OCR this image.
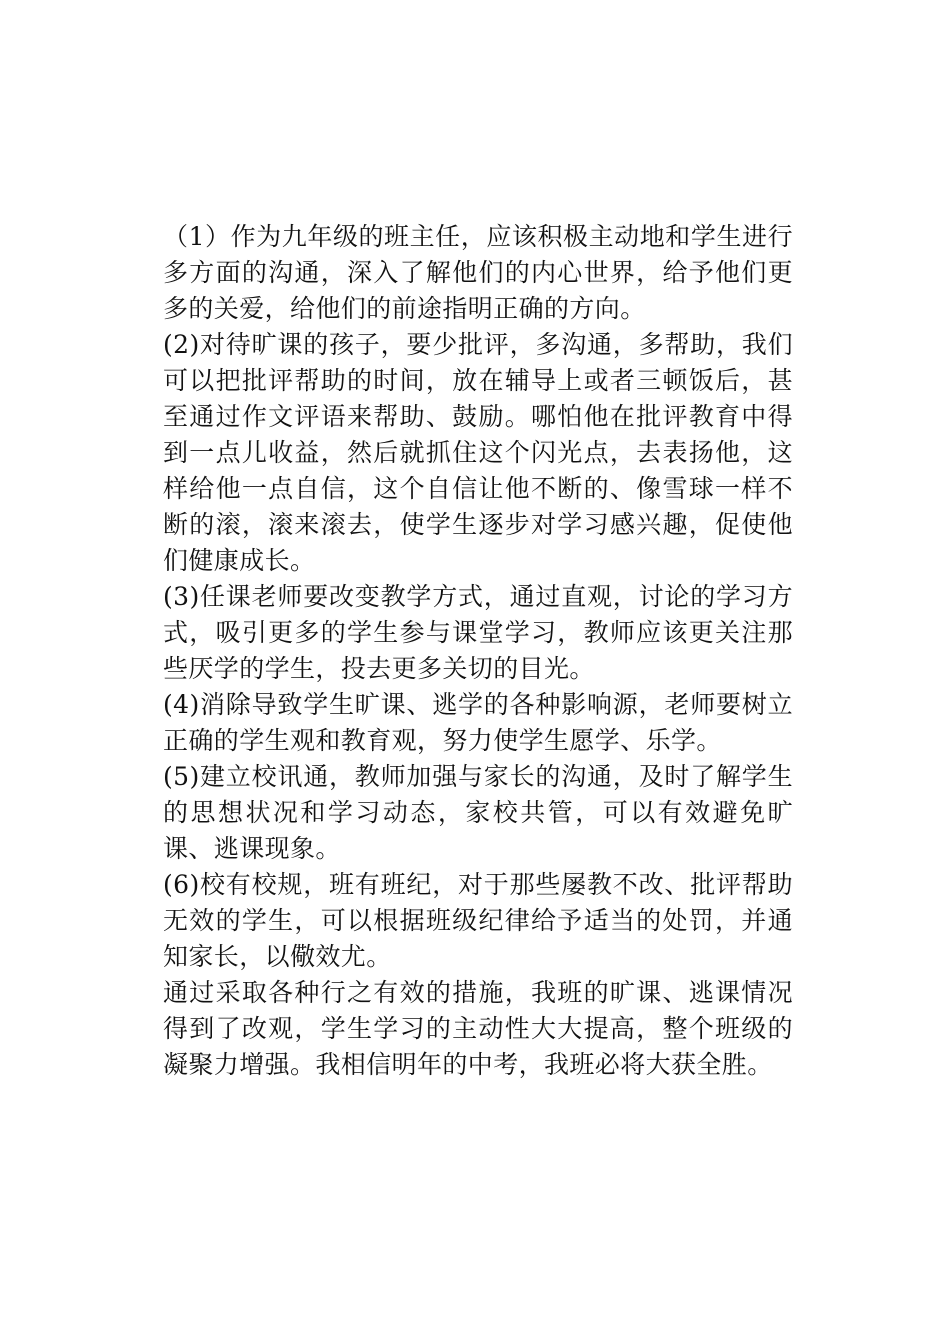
（1）作为九年级的班主任，应该积极主动地和学生进行多方面的沟通，深入了解他们的内心世界，给予他们更多的关爱，给他们的前途指明正确的方向。

(2)对待旷课的孩子，要少批评，多沟通，多帮助，我们可以把批评帮助的时间，放在辅导上或者三顿饭后，甚至通过作文评语来帮助、鼓励。哪怕他在批评教育中得到一点儿收益，然后就抓住这个闪光点，去表扬他，这样给他一点自信，这个自信让他不断的、像雪球一样不断的滚，滚来滚去，使学生逐步对学习感兴趣，促使他们健康成长。

(3)任课老师要改变教学方式，通过直观，讨论的学习方式，吸引更多的学生参与课堂学习，教师应该更关注那些厌学的学生，投去更多关切的目光。

(4)消除导致学生旷课、逃学的各种影响源，老师要树立正确的学生观和教育观，努力使学生愿学、乐学。

(5)建立校讯通，教师加强与家长的沟通，及时了解学生的思想状况和学习动态，家校共管，可以有效避免旷课、逃课现象。

(6)校有校规，班有班纪，对于那些屡教不改、批评帮助无效的学生，可以根据班级纪律给予适当的处罚，并通知家长，以儆效尤。

通过采取各种行之有效的措施，我班的旷课、逃课情况得到了改观，学生学习的主动性大大提高，整个班级的凝聚力增强。我相信明年的中考，我班必将大获全胜。
